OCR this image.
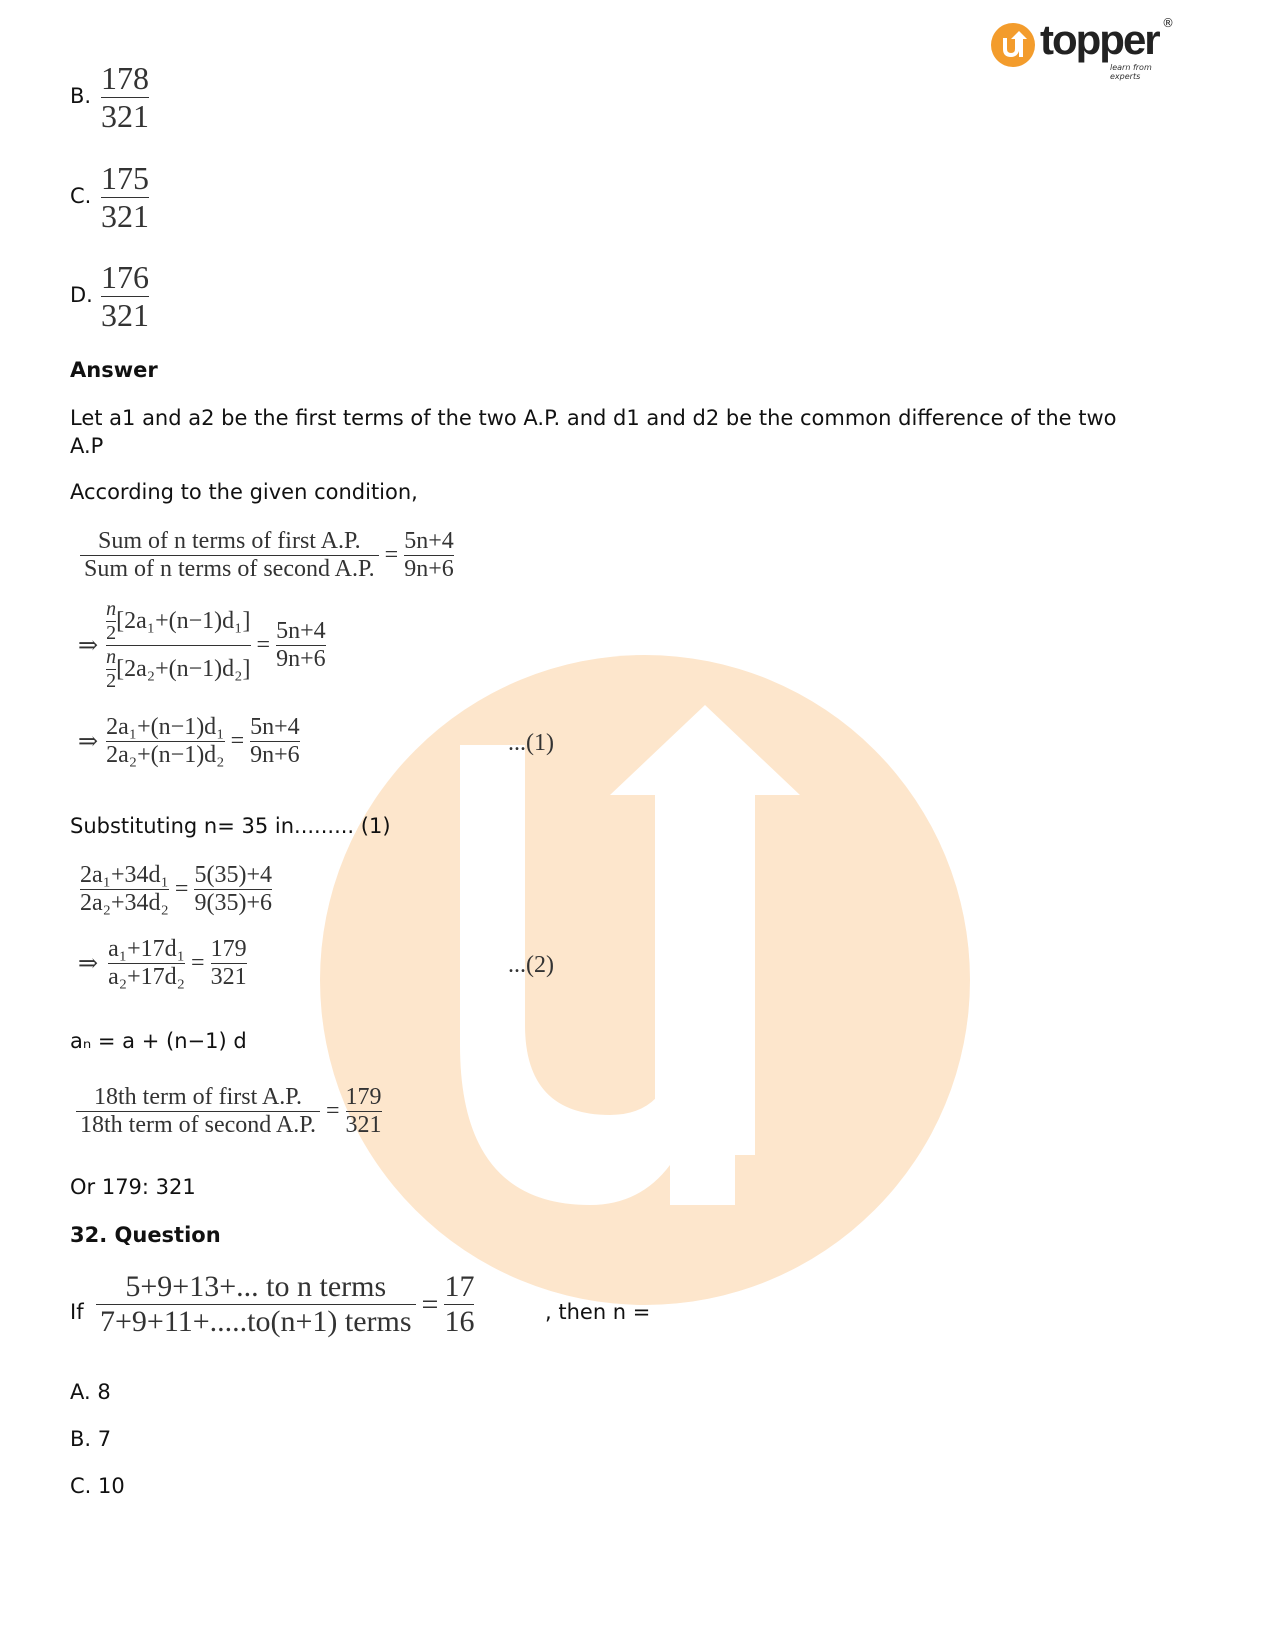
topper ®
learn from experts
B. 178
321
C. 175
321
D. 176
321
Answer
Let a1 and a2 be the first terms of the two A.P. and d1 and d2 be the common difference of the two A.P
According to the given condition,
$\frac{\text{Sum of n terms of first A.P.}}{\text{Sum of n terms of second A.P.}} = \frac{5n+4}{9n+6}$
⇒ $\frac{\frac{n}{2} [2a_1+(n-1)d_1]}{\frac{n}{2} [2a_2+(n-1)d_2]} = \frac{5n+4}{9n+6}$
⇒ $\frac{\text{2a₁+(n−1)d₁}}{\text{2a₂+(n−1)d₂}} = \frac{5n+4}{9n+6}$	...(1)
Substituting n= 35 in......... (1)
$\frac{\text{2a₁+34d₁}}{\text{2a₂+34d₂}} = \frac{5(35)+4}{9(35)+6}$
⇒ $\frac{\text{a₁+17d₁}}{\text{a₂+17d₂}} = \frac{179}{321}$	...(2)
aₙ = a + (n−1) d
$\frac{\text{18th term of first A.P.}}{\text{18th term of second A.P.}} = \frac{179}{321}$
Or 179: 321
32. Question
If $\frac{\text{5+9+13+... to n terms}}{\text{7+9+11+.....to(n+1) terms}} = \frac{17}{16}$	, then n =
A. 8
B. 7
C. 10
